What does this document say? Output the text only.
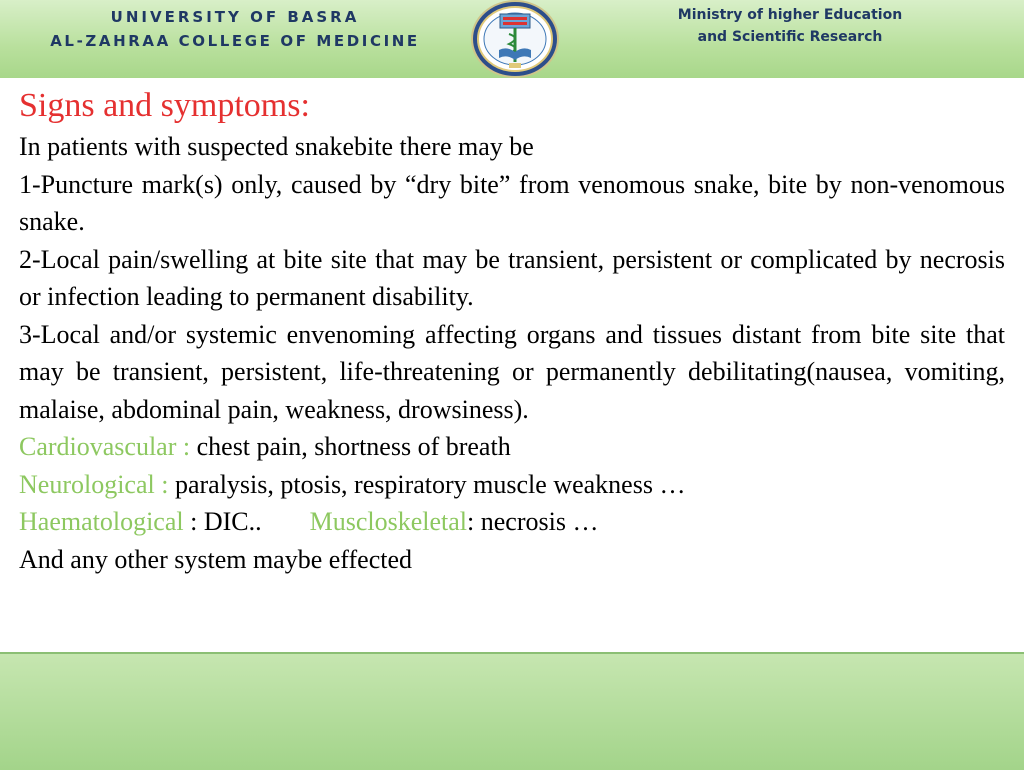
UNIVERSITY OF BASRA
AL-ZAHRAA COLLEGE OF MEDICINE
Ministry of higher Education
and Scientific Research

Signs and symptoms:

In patients with suspected snakebite there may be

1-Puncture mark(s) only, caused by “dry bite” from venomous snake, bite by non-venomous snake.

2-Local pain/swelling at bite site that may be transient, persistent or complicated by necrosis or infection leading to permanent disability.

3-Local and/or systemic envenoming affecting organs and tissues distant from bite site that may be transient, persistent, life-threatening or permanently debilitating(nausea, vomiting, malaise, abdominal pain, weakness, drowsiness).

Cardiovascular : chest pain, shortness of breath

Neurological : paralysis, ptosis, respiratory muscle weakness …

Haematological : DIC.. Muscloskeletal: necrosis …

And any other system maybe effected
